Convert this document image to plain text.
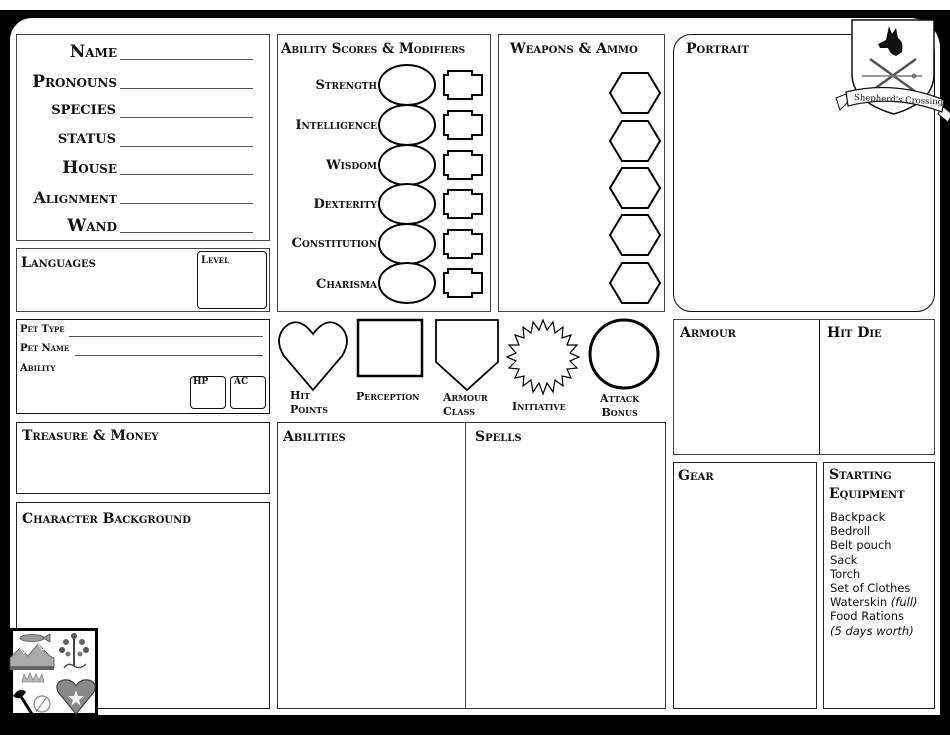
Name
Pronouns
SPECIES
STATUS
House
Alignment
Wand
Languages	Level
Pet Type
Pet Name
Ability
HP	AC
Treasure & Money
Character Background
Ability Scores & Modifiers
Strength
Intelligence
Wisdom
Dexterity
Constitution
Charisma
Weapons & Ammo	Portrait
Shepherd's Crossing
Hit
Points
Perception Armour
Class	Initiative
Attack
Bonus
Abilities	Spells
Armour	Hit Die
Gear	Starting
Equipment
Backpack
Bedroll
Belt pouch
Sack
Torch
Set of Clothes
Waterskin (full)
Food Rations
(5 days worth)
